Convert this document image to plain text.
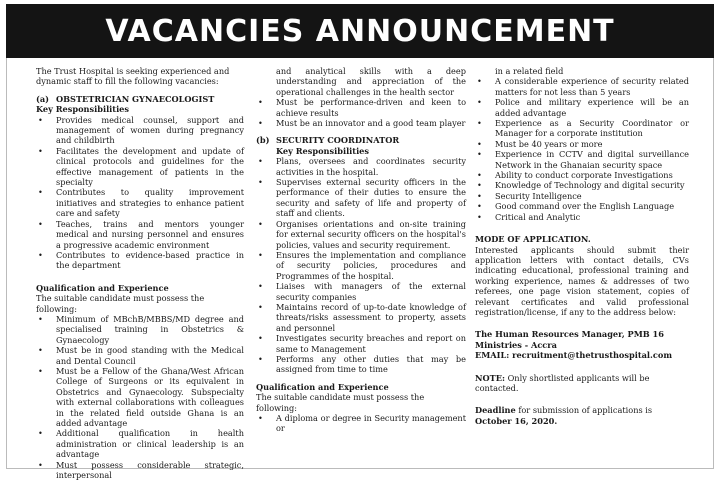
VACANCIES ANNOUNCEMENT

The Trust Hospital is seeking experienced and dynamic staff to fill the following vacancies:

(a) OBSTETRICIAN GYNAECOLOGIST

Key Responsibilities

• Provides medical counsel, support and management of women during pregnancy and childbirth
• Facilitates the development and update of clinical protocols and guidelines for the effective management of patients in the specialty
• Contributes to quality improvement initiatives and strategies to enhance patient care and safety
• Teaches, trains and mentors younger medical and nursing personnel and ensures a progressive academic environment
• Contributes to evidence-based practice in the department

Qualification and Experience

The suitable candidate must possess the following:

• Minimum of MBchB/MBBS/MD degree and specialised training in Obstetrics & Gynaecology
• Must be in good standing with the Medical and Dental Council
• Must be a Fellow of the Ghana/West African College of Surgeons or its equivalent in Obstetrics and Gynaecology. Subspecialty with external collaborations with colleagues in the related field outside Ghana is an added advantage
• Additional qualification in health administration or clinical leadership is an advantage
• Must possess considerable strategic, interpersonal
and analytical skills with a deep understanding and appreciation of the operational challenges in the health sector
• Must be performance-driven and keen to achieve results
• Must be an innovator and a good team player
(b) SECURITY COORDINATOR

Key Responsibilities

• Plans, oversees and coordinates security activities in the hospital.
• Supervises external security officers in the performance of their duties to ensure the security and safety of life and property of staff and clients.
• Organises orientations and on-site training for external security officers on the hospital's policies, values and security requirement.
• Ensures the implementation and compliance of security policies, procedures and Programmes of the hospital.
• Liaises with managers of the external security companies
• Maintains record of up-to-date knowledge of threats/risks assessment to property, assets and personnel
• Investigates security breaches and report on same to Management
• Performs any other duties that may be assigned from time to time

Qualification and Experience

The suitable candidate must possess the following:

• A diploma or degree in Security management or
in a related field
• A considerable experience of security related matters for not less than 5 years
• Police and military experience will be an added advantage
• Experience as a Security Coordinator or Manager for a corporate institution
• Must be 40 years or more
• Experience in CCTV and digital surveillance Network in the Ghanaian security space
• Ability to conduct corporate Investigations
• Knowledge of Technology and digital security
• Security Intelligence
• Good command over the English Language
• Critical and Analytic

MODE OF APPLICATION.

Interested applicants should submit their application letters with contact details, CVs indicating educational, professional training and working experience, names & addresses of two referees, one page vision statement, copies of relevant certificates and valid professional registration/license, if any to the address below:

The Human Resources Manager, PMB 16 Ministries - Accra

EMAIL: recruitment@thetrusthospital.com

NOTE: Only shortlisted applicants will be contacted.

Deadline for submission of applications is October 16, 2020.
